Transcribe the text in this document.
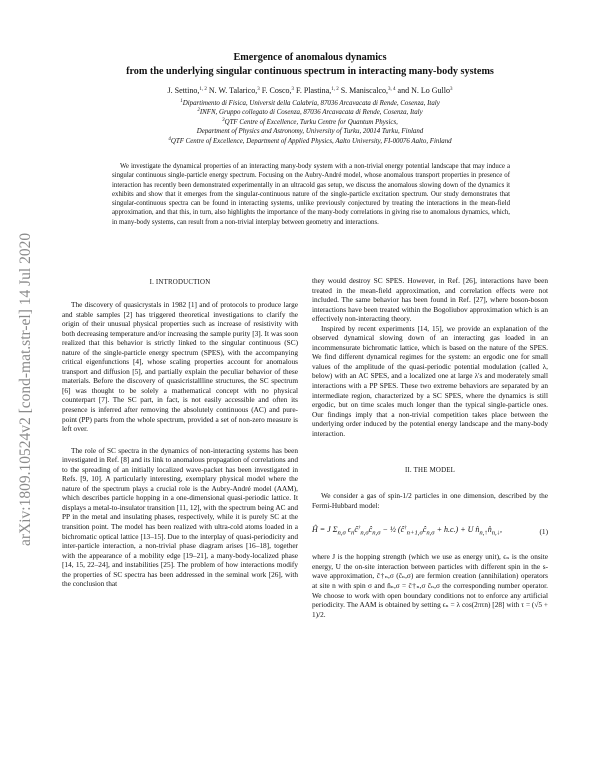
arXiv:1809.10524v2 [cond-mat.str-el] 14 Jul 2020
Emergence of anomalous dynamics
from the underlying singular continuous spectrum in interacting many-body systems
J. Settino,$^{1, 2}$ N. W. Talarico,$^3$ F. Cosco,$^3$ F. Plastina,$^{1, 2}$ S. Maniscalco,$^{3, 4}$ and N. Lo Gullo$^3$
$^1$Dipartimento di Fisica, Universit della Calabria, 87036 Arcavacata di Rende, Cosenza, Italy
$^2$INFN, Gruppo collegato di Cosenza, 87036 Arcavacata di Rende, Cosenza, Italy
$^3$QTF Centre of Excellence, Turku Centre for Quantum Physics,
Department of Physics and Astronomy, University of Turku, 20014 Turku, Finland
$^4$QTF Centre of Excellence, Department of Applied Physics, Aalto University, FI-00076 Aalto, Finland

We investigate the dynamical properties of an interacting many-body system with a non-trivial energy potential landscape that may induce a singular continuous single-particle energy spectrum. Focusing on the Aubry-André model, whose anomalous transport properties in presence of interaction has recently been demonstrated experimentally in an ultracold gas setup, we discuss the anomalous slowing down of the dynamics it exhibits and show that it emerges from the singular-continuous nature of the single-particle excitation spectrum. Our study demonstrates that singular-continuous spectra can be found in interacting systems, unlike previously conjectured by treating the interactions in the mean-field approximation, and that this, in turn, also highlights the importance of the many-body correlations in giving rise to anomalous dynamics, which, in many-body systems, can result from a non-trivial interplay between geometry and interactions.

I. INTRODUCTION

The discovery of quasicrystals in 1982 [1] and of protocols to produce large and stable samples [2] has triggered theoretical investigations to clarify the origin of their unusual physical properties such as increase of resistivity with both decreasing temperature and/or increasing the sample purity [3]. It was soon realized that this behavior is strictly linked to the singular continuous (SC) nature of the single-particle energy spectrum (SPES), with the accompanying critical eigenfunctions [4], whose scaling properties account for anomalous transport and diffusion [5], and partially explain the peculiar behavior of these materials. Before the discovery of quasicristallline structures, the SC spectrum [6] was thought to be solely a mathematical concept with no physical counterpart [7]. The SC part, in fact, is not easily accessible and often its presence is inferred after removing the absolutely continuous (AC) and pure-point (PP) parts from the whole spectrum, provided a set of non-zero measure is left over.

The role of SC spectra in the dynamics of non-interacting systems has been investigated in Ref. [8] and its link to anomalous propagation of correlations and to the spreading of an initially localized wave-packet has been investigated in Refs. [9, 10]. A particularly interesting, exemplary physical model where the nature of the spectrum plays a crucial role is the Aubry-André model (AAM), which describes particle hopping in a one-dimensional quasi-periodic lattice. It displays a metal-to-insulator transition [11, 12], with the spectrum being AC and PP in the metal and insulating phases, respectively, while it is purely SC at the transition point. The model has been realized with ultra-cold atoms loaded in a bichromatic optical lattice [13–15]. Due to the interplay of quasi-periodicity and inter-particle interaction, a non-trivial phase diagram arises [16–18], together with the appearance of a mobility edge [19–21], a many-body-localized phase [14, 15, 22–24], and instabilities [25]. The problem of how interactions modify the properties of SC spectra has been addressed in the seminal work [26], with the conclusion that

they would destroy SC SPES. However, in Ref. [26], interactions have been treated in the mean-field approximation, and correlation effects were not included. The same behavior has been found in Ref. [27], where boson-boson interactions have been treated within the Bogoliubov approximation which is an effectively non-interacting theory.

Inspired by recent experiments [14, 15], we provide an explanation of the observed dynamical slowing down of an interacting gas loaded in an incommensurate bichromatic lattice, which is based on the nature of the SPES. We find different dynamical regimes for the system: an ergodic one for small values of the amplitude of the quasi-periodic potential modulation (called λ, below) with an AC SPES, and a localized one at large λ's and moderately small interactions with a PP SPES. These two extreme behaviors are separated by an intermediate region, characterized by a SC SPES, where the dynamics is still ergodic, but on time scales much longer than the typical single-particle ones. Our findings imply that a non-trivial competition takes place between the underlying order induced by the potential energy landscape and the many-body interaction.

II. THE MODEL

We consider a gas of spin-1/2 particles in one dimension, described by the Fermi-Hubbard model:

Ĥ = J $\Sigma_{n,\sigma}$ $\epsilon_nĉ^\dagger_{n,\sigma}ĉ_{n,\sigma}$ − ½ $(ĉ^\dagger_{n+1,\sigma}ĉ_{n,\sigma} + h.c.) + U$ $n̂_{n,↑}n̂_{n,↓}$,	(1)

where J is the hopping strength (which we use as energy unit), ϵₙ is the onsite energy, U the on-site interaction between particles with different spin in the s-wave approximation, ĉ†ₙ,σ (ĉₙ,σ) are fermion creation (annihilation) operators at site n with spin σ and n̂ₙ,σ = ĉ†ₙ,σ ĉₙ,σ the corresponding number operator. We choose to work with open boundary conditions not to enforce any artificial periodicity. The AAM is obtained by setting ϵₙ = λ cos(2πτn) [28] with τ = (√5 + 1)/2.
